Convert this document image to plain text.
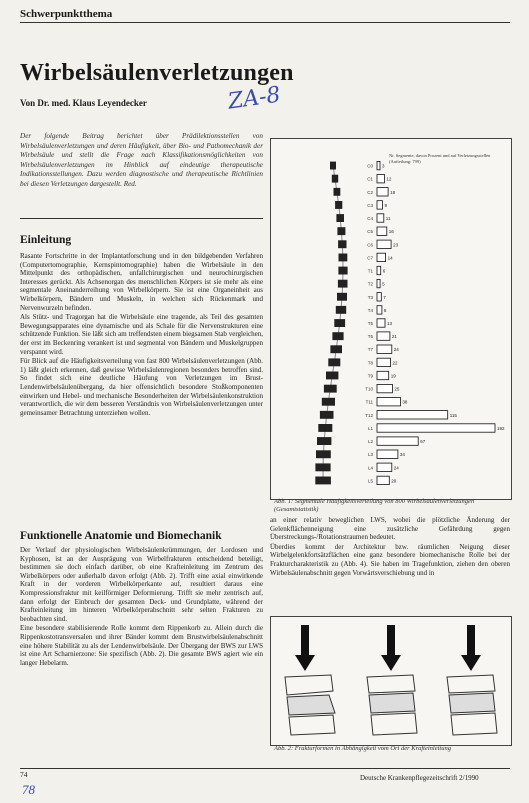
Schwerpunktthema
Wirbelsäulenverletzungen
Von Dr. med. Klaus Leyendecker	ZA-8
Der folgende Beitrag berichtet über Prädilektionsstellen von Wirbelsäulenverletzungen und deren Häufigkeit, über Bio- und Pathomechanik der Wirbelsäule und stellt die Frage nach Klassifikationsmöglichkeiten von Wirbelsäulenverletzungen im Hinblick auf eindeutige therapeutische Indikationsstellungen. Dazu werden diagnostische und therapeutische Richtlinien bei diesen Verletzungen dargestellt. Red.
Einleitung

Rasante Fortschritte in der Implantatforschung und in den bildgebenden Verfahren (Computertomographie, Kernspintomographie) haben die Wirbelsäule in den Mittelpunkt des orthopädischen, unfallchirurgischen und neurochirurgischen Interesses gerückt. Als Achsenorgan des menschlichen Körpers ist sie mehr als eine segmentale Aneinanderreihung von Wirbelkörpern. Sie ist eine Organeinheit aus Wirbelkörpern, Bändern und Muskeln, in welchen sich Rückenmark und Nervenwurzeln befinden.

Als Stütz- und Tragorgan hat die Wirbelsäule eine tragende, als Teil des gesamten Bewegungsapparates eine dynamische und als Schale für die Nervenstrukturen eine schützende Funktion. Sie läßt sich am treffendsten einem biegsamen Stab vergleichen, der erst im Beckenring verankert ist und segmental von Bändern und Muskelgruppen verspannt wird.

Für Blick auf die Häufigkeitsverteilung von fast 800 Wirbelsäulenverletzungen (Abb. 1) läßt gleich erkennen, daß gewisse Wirbelsäulenregionen besonders betroffen sind. So findet sich eine deutliche Häufung von Verletzungen im Brust-Lendenwirbelsäulenübergang, da hier offensichtlich besondere Stoßkomponenten einwirken und Hebel- und mechanische Besonderheiten der Wirbelsäulenkonstruktion verantwortlich, die wir dem besseren Verständnis von Wirbelsäulenverletzungen unter gemeinsamer Betrachtung unterziehen wollen.

Funktionelle Anatomie und Biomechanik

Der Verlauf der physiologischen Wirbelsäulenkrümmungen, der Lordosen und Kyphosen, ist an der Ausprägung von Wirbelfrakturen entscheidend beteiligt, bestimmen sie doch einfach darüber, ob eine Krafteinleitung im Zentrum des Wirbelkörpers oder außerhalb davon erfolgt (Abb. 2). Trifft eine axial einwirkende Kraft in der vorderen Wirbelkörperkante auf, resultiert daraus eine Kompressionsfraktur mit keilförmiger Deformierung. Trifft sie mehr zentrisch auf, dann erfolgt der Einbruch der gesamten Deck- und Grundplatte, während der Krafteinleitung im hinteren Wirbelkörperabschnitt sehr selten Frakturen zu beobachten sind.

Eine besondere stabilisierende Rolle kommt dem Rippenkorb zu. Allein durch die Rippenkostotransversalen und ihrer Bänder kommt dem Brustwirbelsäulenabschnitt eine höhere Stabilität zu als der Lendenwirbelsäule. Der Übergang der BWS zur LWS ist eine Art Scharnierzone: Sie spezifisch (Abb. 2). Die gesamte BWS agiert wie ein langer Hebelarm.

C0 3
C1	12
C2	18
C3	9
C4	11
C5	16
C6	23
C7	14
T1 6
T2 5
T3 7
T4 8
T5	13
T6	21
T7	24
T8	22
T9	19
T10	25
T11	38
T12	115
L1	192
L2	67
L3	34
L4	24
L5	20
Nr. Segmente, davon Prozent und auf Verletzungsstellen (Aufteilung: 799)
Abb. 1: Segmentale Häufigkeitsverteilung von 800 Wirbelsäulenverletzungen (Gesamtstatistik)

an einer relativ beweglichen LWS, wobei die plötzliche Änderung der Gelenkflächenneigung eine zusätzliche Gefährdung gegen Überstreckungs-/Rotationstraumen bedeutet.

Überdies kommt der Architektur bzw. räumlichen Neigung dieser Wirbelgelenkfortsätzflächen eine ganz besondere biomechanische Rolle bei der Frakturcharakteristik zu (Abb. 4). Sie haben im Tragefunktion, ziehen den oberen Wirbelsäulenabschnitt gegen Vorwärtsverschiebung und in

Abb. 2: Frakturformen in Abhängigkeit vom Ort der Krafteinleitung
74	Deutsche Krankenpflegezeitschrift 2/1990
78
